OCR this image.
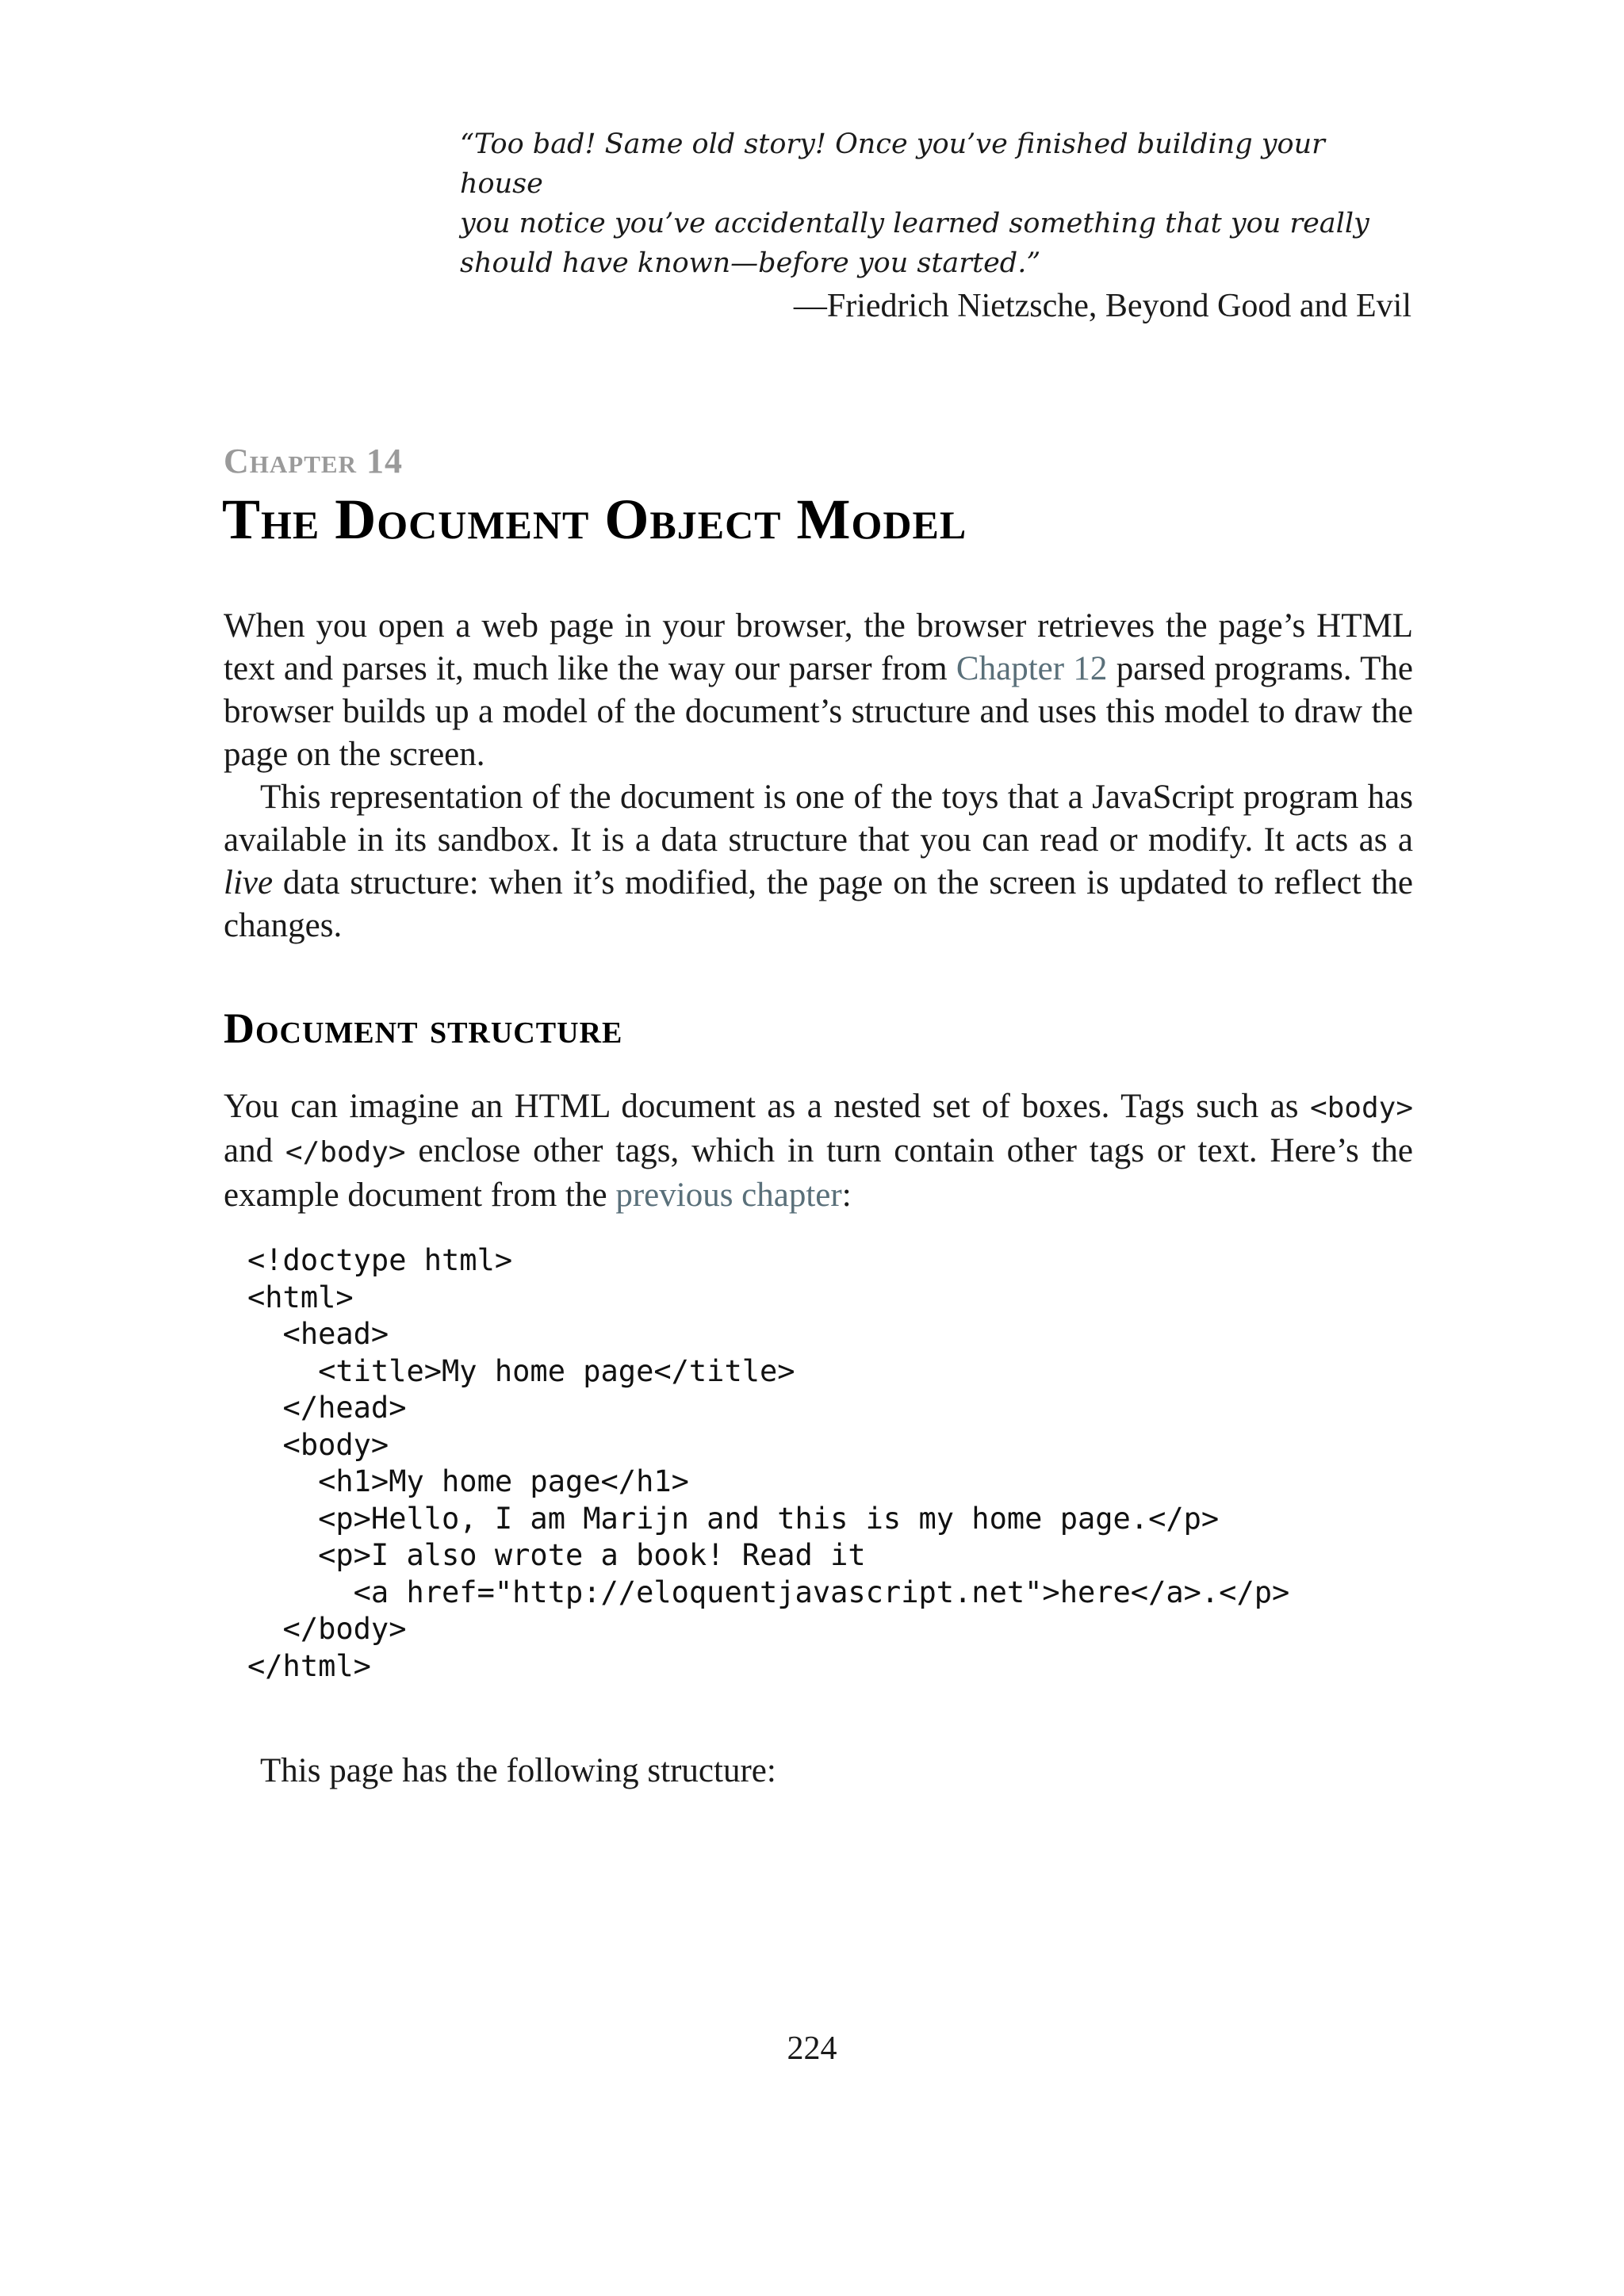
“Too bad! Same old story! Once you’ve finished building your house
you notice you’ve accidentally learned something that you really
should have known—before you started.”

—Friedrich Nietzsche, Beyond Good and Evil

Chapter 14
The Document Object Model

When you open a web page in your browser, the browser retrieves the page’s HTML text and parses it, much like the way our parser from Chapter 12 parsed programs. The browser builds up a model of the document’s structure and uses this model to draw the page on the screen.

This representation of the document is one of the toys that a JavaScript program has available in its sandbox. It is a data structure that you can read or modify. It acts as a live data structure: when it’s modified, the page on the screen is updated to reflect the changes.

Document structure

You can imagine an HTML document as a nested set of boxes. Tags such as <body> and </body> enclose other tags, which in turn contain other tags or text. Here’s the example document from the previous chapter:

<!doctype html>
<html>
<head>
<title>My home page</title>
</head>
<body>
<h1>My home page</h1>
<p>Hello, I am Marijn and this is my home page.</p>
<p>I also wrote a book! Read it
<a href="http://eloquentjavascript.net">here</a>.</p>
</body>
</html>

This page has the following structure:

224
